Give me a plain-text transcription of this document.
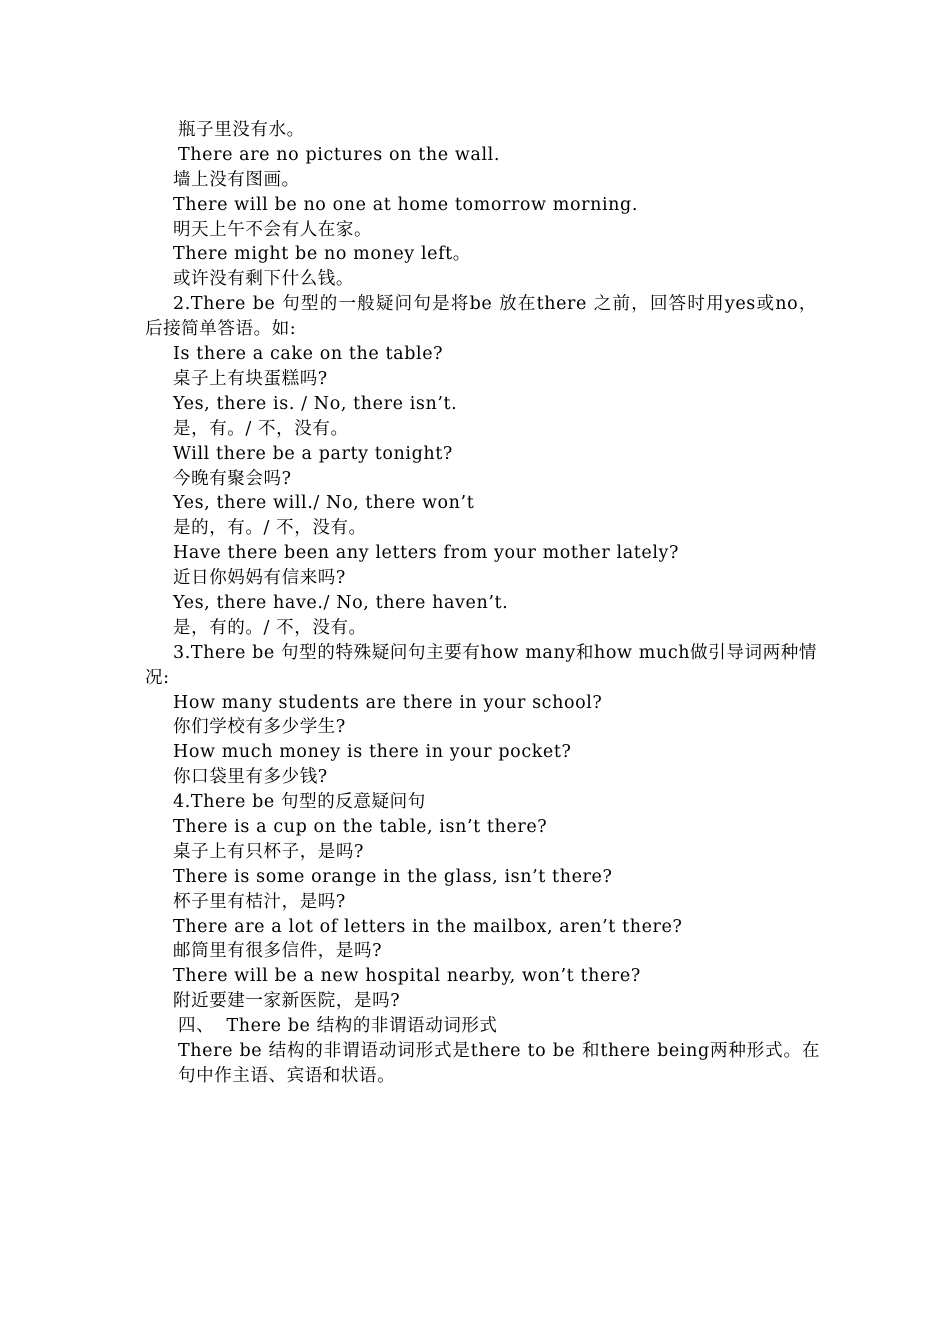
瓶子里没有水。
There are no pictures on the wall.
墙上没有图画。
There will be no one at home tomorrow morning.
明天上午不会有人在家。
There might be no money left。
或许没有剩下什么钱。
2.There be 句型的一般疑问句是将be 放在there 之前，回答时用yes或no，后接简单答语。如:
Is there a cake on the table?
桌子上有块蛋糕吗?
Yes, there is. / No, there isn’t.
是，有。/ 不，没有。
Will there be a party tonight?
今晚有聚会吗?
Yes, there will./ No, there won’t
是的，有。/ 不，没有。
Have there been any letters from your mother lately?
近日你妈妈有信来吗?
Yes, there have./ No, there haven’t.
是，有的。/ 不，没有。
3.There be 句型的特殊疑问句主要有how many和how much做引导词两种情况:
How many students are there in your school?
你们学校有多少学生?
How much money is there in your pocket?
你口袋里有多少钱?
4.There be 句型的反意疑问句
There is a cup on the table, isn’t there?
桌子上有只杯子，是吗?
There is some orange in the glass, isn’t there?
杯子里有桔汁，是吗?
There are a lot of letters in the mailbox, aren’t there?
邮筒里有很多信件，是吗?
There will be a new hospital nearby, won’t there?
附近要建一家新医院，是吗?
四、  There be 结构的非谓语动词形式
There be 结构的非谓语动词形式是there to be 和there being两种形式。在句中作主语、宾语和状语。
